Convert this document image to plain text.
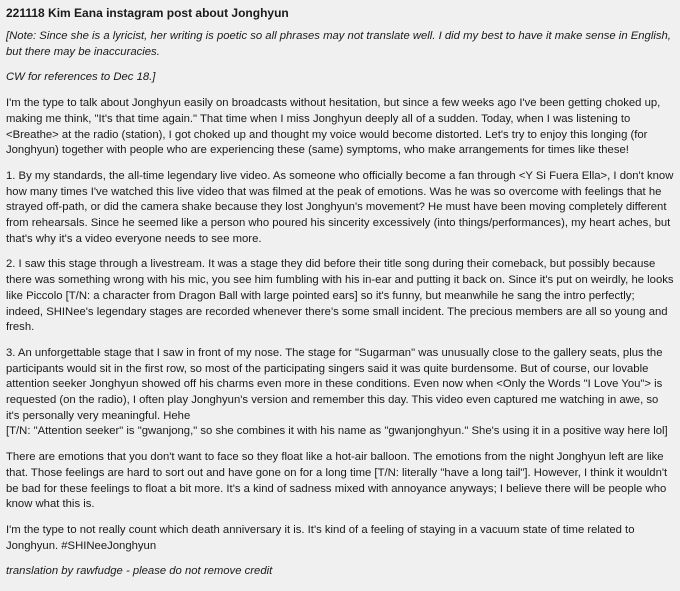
221118 Kim Eana instagram post about Jonghyun

[Note: Since she is a lyricist, her writing is poetic so all phrases may not translate well. I did my best to have it make sense in English, but there may be inaccuracies.

CW for references to Dec 18.]

I'm the type to talk about Jonghyun easily on broadcasts without hesitation, but since a few weeks ago I've been getting choked up, making me think, "It's that time again." That time when I miss Jonghyun deeply all of a sudden. Today, when I was listening to <Breathe> at the radio (station), I got choked up and thought my voice would become distorted. Let's try to enjoy this longing (for Jonghyun) together with people who are experiencing these (same) symptoms, who make arrangements for times like these!

1. By my standards, the all-time legendary live video. As someone who officially become a fan through <Y Si Fuera Ella>, I don't know how many times I've watched this live video that was filmed at the peak of emotions. Was he was so overcome with feelings that he strayed off-path, or did the camera shake because they lost Jonghyun's movement? He must have been moving completely different from rehearsals. Since he seemed like a person who poured his sincerity excessively (into things/performances), my heart aches, but that's why it's a video everyone needs to see more.

2. I saw this stage through a livestream. It was a stage they did before their title song during their comeback, but possibly because there was something wrong with his mic, you see him fumbling with his in-ear and putting it back on. Since it's put on weirdly, he looks like Piccolo [T/N: a character from Dragon Ball with large pointed ears] so it's funny, but meanwhile he sang the intro perfectly; indeed, SHINee's legendary stages are recorded whenever there's some small incident. The precious members are all so young and fresh.

3. An unforgettable stage that I saw in front of my nose. The stage for "Sugarman" was unusually close to the gallery seats, plus the participants would sit in the first row, so most of the participating singers said it was quite burdensome. But of course, our lovable attention seeker Jonghyun showed off his charms even more in these conditions. Even now when <Only the Words "I Love You"> is requested (on the radio), I often play Jonghyun's version and remember this day. This video even captured me watching in awe, so it's personally very meaningful. Hehe
[T/N: "Attention seeker" is "gwanjong," so she combines it with his name as "gwanjonghyun." She's using it in a positive way here lol]

There are emotions that you don't want to face so they float like a hot-air balloon. The emotions from the night Jonghyun left are like that. Those feelings are hard to sort out and have gone on for a long time [T/N: literally "have a long tail"]. However, I think it wouldn't be bad for these feelings to float a bit more. It's a kind of sadness mixed with annoyance anyways; I believe there will be people who know what this is.

I'm the type to not really count which death anniversary it is. It's kind of a feeling of staying in a vacuum state of time related to Jonghyun. #SHINeeJonghyun

translation by rawfudge - please do not remove credit
